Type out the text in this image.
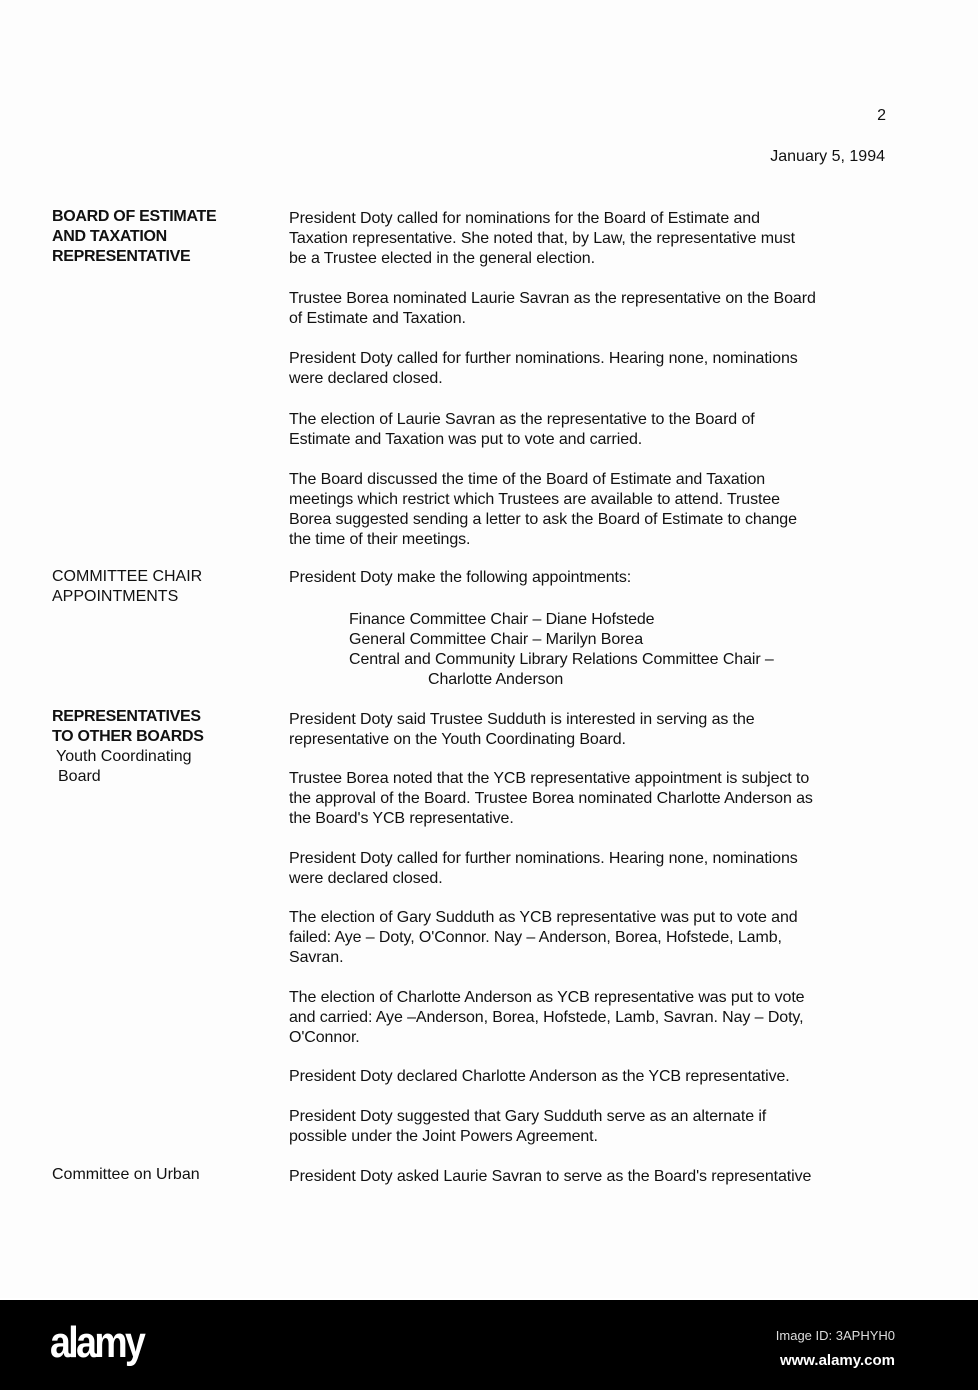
2
January 5, 1994
BOARD OF ESTIMATE
AND TAXATION
REPRESENTATIVE
COMMITTEE CHAIR
APPOINTMENTS
REPRESENTATIVES
TO OTHER BOARDS
Youth Coordinating
Board
Committee on Urban
President Doty called for nominations for the Board of Estimate and
Taxation representative. She noted that, by Law, the representative must
be a Trustee elected in the general election.
Trustee Borea nominated Laurie Savran as the representative on the Board
of Estimate and Taxation.
President Doty called for further nominations. Hearing none, nominations
were declared closed.
The election of Laurie Savran as the representative to the Board of
Estimate and Taxation was put to vote and carried.
The Board discussed the time of the Board of Estimate and Taxation
meetings which restrict which Trustees are available to attend. Trustee
Borea suggested sending a letter to ask the Board of Estimate to change
the time of their meetings.
President Doty make the following appointments:
Finance Committee Chair – Diane Hofstede
General Committee Chair – Marilyn Borea
Central and Community Library Relations Committee Chair –
Charlotte Anderson
President Doty said Trustee Sudduth is interested in serving as the
representative on the Youth Coordinating Board.
Trustee Borea noted that the YCB representative appointment is subject to
the approval of the Board. Trustee Borea nominated Charlotte Anderson as
the Board's YCB representative.
President Doty called for further nominations. Hearing none, nominations
were declared closed.
The election of Gary Sudduth as YCB representative was put to vote and
failed: Aye – Doty, O'Connor. Nay – Anderson, Borea, Hofstede, Lamb,
Savran.
The election of Charlotte Anderson as YCB representative was put to vote
and carried: Aye –Anderson, Borea, Hofstede, Lamb, Savran. Nay – Doty,
O'Connor.
President Doty declared Charlotte Anderson as the YCB representative.
President Doty suggested that Gary Sudduth serve as an alternate if
possible under the Joint Powers Agreement.
President Doty asked Laurie Savran to serve as the Board's representative
alamy	Image ID: 3APHYH0
www.alamy.com
